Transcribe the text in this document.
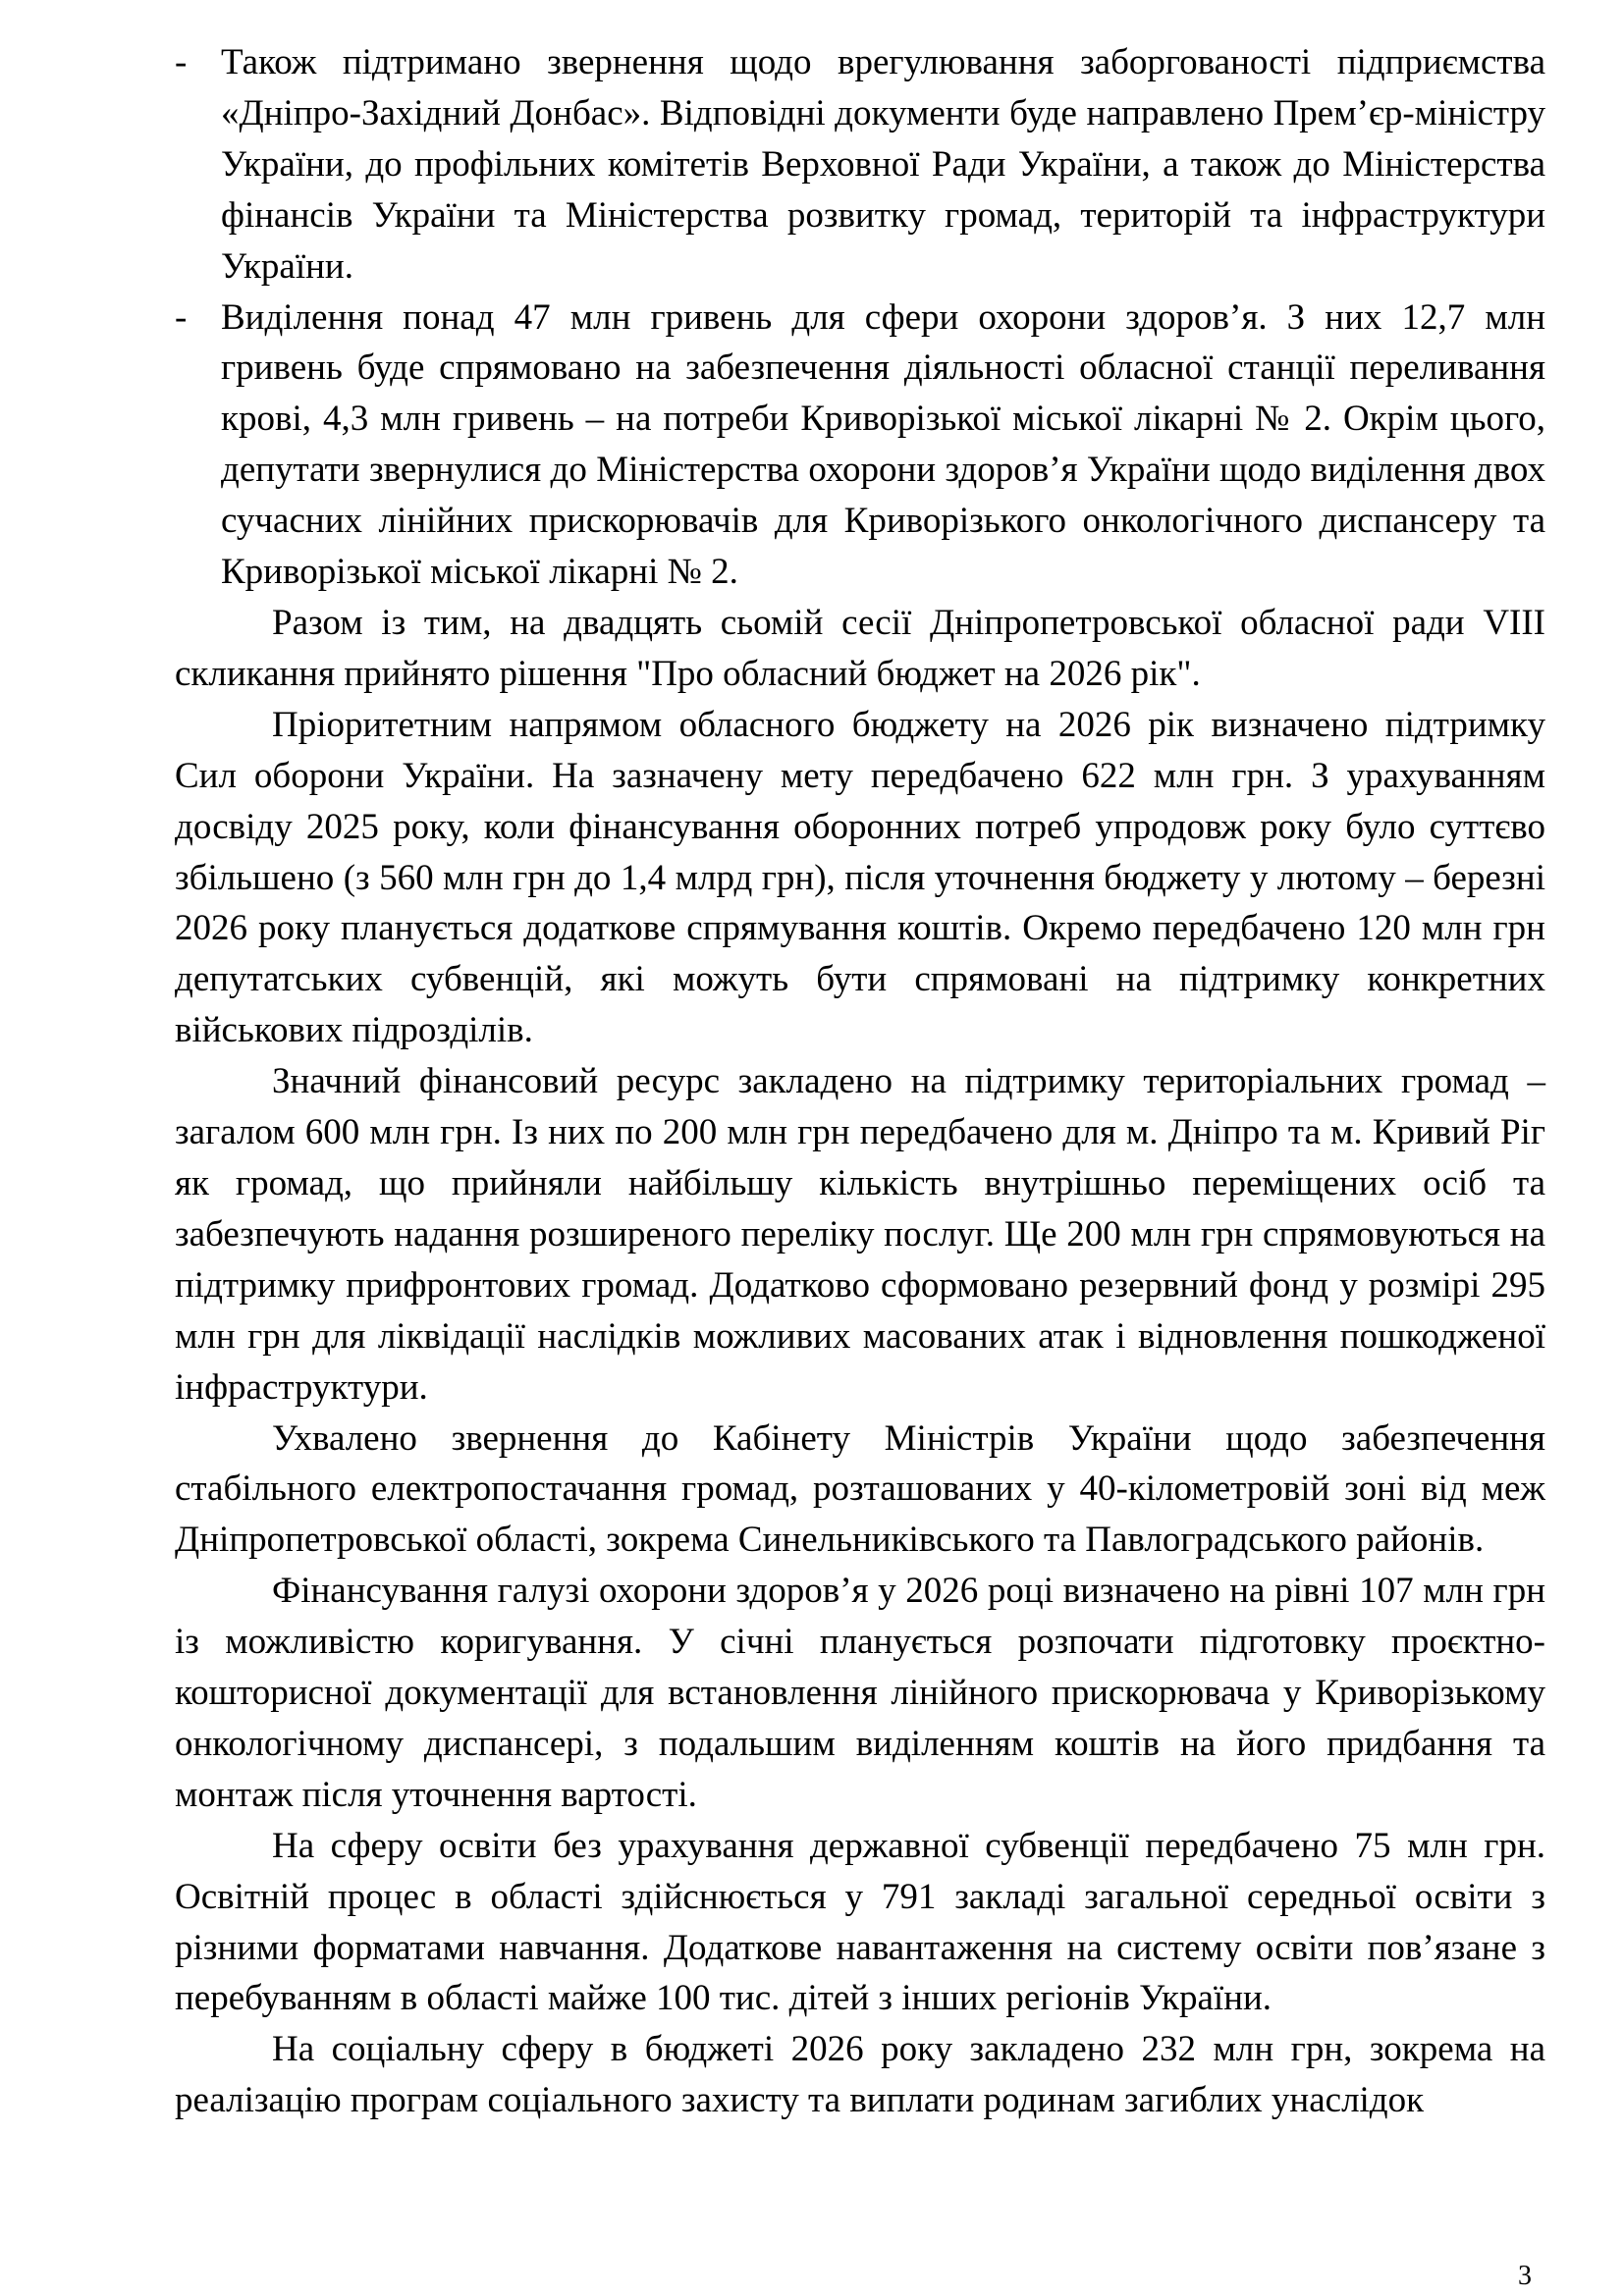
- Також підтримано звернення щодо врегулювання заборгованості підприємства «Дніпро-Західний Донбас». Відповідні документи буде направлено Прем’єр-міністру України, до профільних комітетів Верховної Ради України, а також до Міністерства фінансів України та Міністерства розвитку громад, територій та інфраструктури України.

- Виділення понад 47 млн гривень для сфери охорони здоров’я. З них 12,7 млн гривень буде спрямовано на забезпечення діяльності обласної станції переливання крові, 4,3 млн гривень – на потреби Криворізької міської лікарні № 2. Окрім цього, депутати звернулися до Міністерства охорони здоров’я України щодо виділення двох сучасних лінійних прискорювачів для Криворізького онкологічного диспансеру та Криворізької міської лікарні № 2.

Разом із тим, на двадцять сьомій сесії Дніпропетровської обласної ради VIII скликання прийнято рішення "Про обласний бюджет на 2026 рік".

Пріоритетним напрямом обласного бюджету на 2026 рік визначено підтримку Сил оборони України. На зазначену мету передбачено 622 млн грн. З урахуванням досвіду 2025 року, коли фінансування оборонних потреб упродовж року було суттєво збільшено (з 560 млн грн до 1,4 млрд грн), після уточнення бюджету у лютому – березні 2026 року планується додаткове спрямування коштів. Окремо передбачено 120 млн грн депутатських субвенцій, які можуть бути спрямовані на підтримку конкретних військових підрозділів.

Значний фінансовий ресурс закладено на підтримку територіальних громад – загалом 600 млн грн. Із них по 200 млн грн передбачено для м. Дніпро та м. Кривий Ріг як громад, що прийняли найбільшу кількість внутрішньо переміщених осіб та забезпечують надання розширеного переліку послуг. Ще 200 млн грн спрямовуються на підтримку прифронтових громад. Додатково сформовано резервний фонд у розмірі 295 млн грн для ліквідації наслідків можливих масованих атак і відновлення пошкодженої інфраструктури.

Ухвалено звернення до Кабінету Міністрів України щодо забезпечення стабільного електропостачання громад, розташованих у 40-кілометровій зоні від меж Дніпропетровської області, зокрема Синельниківського та Павлоградського районів.

Фінансування галузі охорони здоров’я у 2026 році визначено на рівні 107 млн грн із можливістю коригування. У січні планується розпочати підготовку проєктно-кошторисної документації для встановлення лінійного прискорювача у Криворізькому онкологічному диспансері, з подальшим виділенням коштів на його придбання та монтаж після уточнення вартості.

На сферу освіти без урахування державної субвенції передбачено 75 млн грн. Освітній процес в області здійснюється у 791 закладі загальної середньої освіти з різними форматами навчання. Додаткове навантаження на систему освіти пов’язане з перебуванням в області майже 100 тис. дітей з інших регіонів України.

На соціальну сферу в бюджеті 2026 року закладено 232 млн грн, зокрема на реалізацію програм соціального захисту та виплати родинам загиблих унаслідок

3
